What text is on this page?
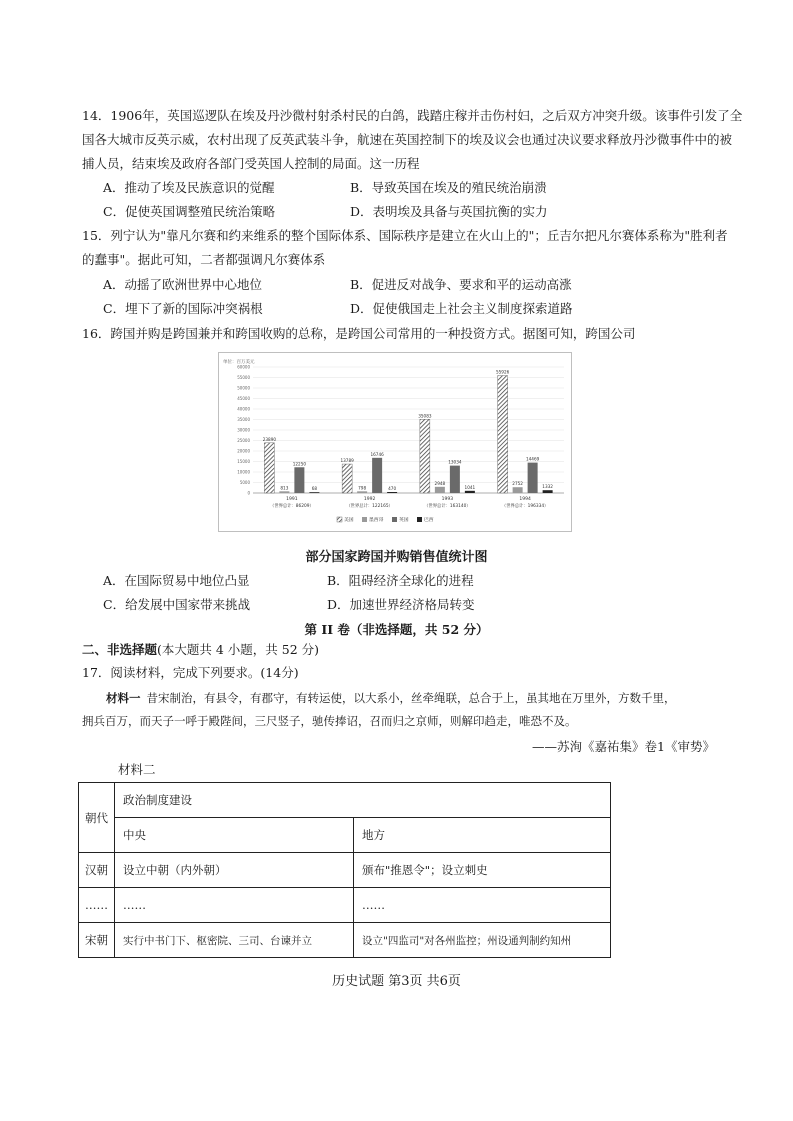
14．1906年，英国巡逻队在埃及丹沙微村射杀村民的白鸽，践踏庄稼并击伤村妇，之后双方冲突升级。该事件引发了全
国各大城市反英示威，农村出现了反英武装斗争，航速在英国控制下的埃及议会也通过决议要求释放丹沙微事件中的被
捕人员，结束埃及政府各部门受英国人控制的局面。这一历程
A．推动了埃及民族意识的觉醒	B．导致英国在埃及的殖民统治崩溃
C．促使英国调整殖民统治策略	D．表明埃及具备与英国抗衡的实力
15．列宁认为"靠凡尔赛和约来维系的整个国际体系、国际秩序是建立在火山上的"；丘吉尔把凡尔赛体系称为"胜利者
的蠢事"。据此可知，二者都强调凡尔赛体系
A．动摇了欧洲世界中心地位	B．促进反对战争、要求和平的运动高涨
C．埋下了新的国际冲突祸根	D．促使俄国走上社会主义制度探索道路
16．跨国并购是跨国兼并和跨国收购的总称，是跨国公司常用的一种投资方式。据图可知，跨国公司
单位：百万美元
60000
55000
50000
45000
40000
35000
30000
25000
20000
15000
10000
5000
0
23890
813
12250
68
1991
（世界总计：86209）
13789
798
16746
470
1992
（世界总计：122165）
35083
2948
13034
1041
1993
（世界总计：163140）
55926
2752
14469
1332
1994
（世界总计：196334）
美国	墨西哥	英国	巴西
部分国家跨国并购销售值统计图
A．在国际贸易中地位凸显	B．阻碍经济全球化的进程
C．给发展中国家带来挑战	D．加速世界经济格局转变
第 II 卷（非选择题，共 52 分）
二、非选择题(本大题共 4 小题，共 52 分)
17．阅读材料，完成下列要求。(14分)
材料一 昔宋制治，有县令，有郡守，有转运使，以大系小，丝牵绳联，总合于上，虽其地在万里外，方数千里，
拥兵百万，而天子一呼于殿陛间，三尺竖子，驰传捧诏，召而归之京师，则解印趋走，唯恐不及。
——苏洵《嘉祐集》卷1《审势》
材料二
朝代	政治制度建设	
	中央	地方
汉朝	设立中朝（内外朝）	颁布"推恩令"；设立刺史
……	……	……
宋朝	实行中书门下、枢密院、三司、台谏并立	设立"四监司"对各州监控；州设通判制约知州
历史试题 第3页 共6页
